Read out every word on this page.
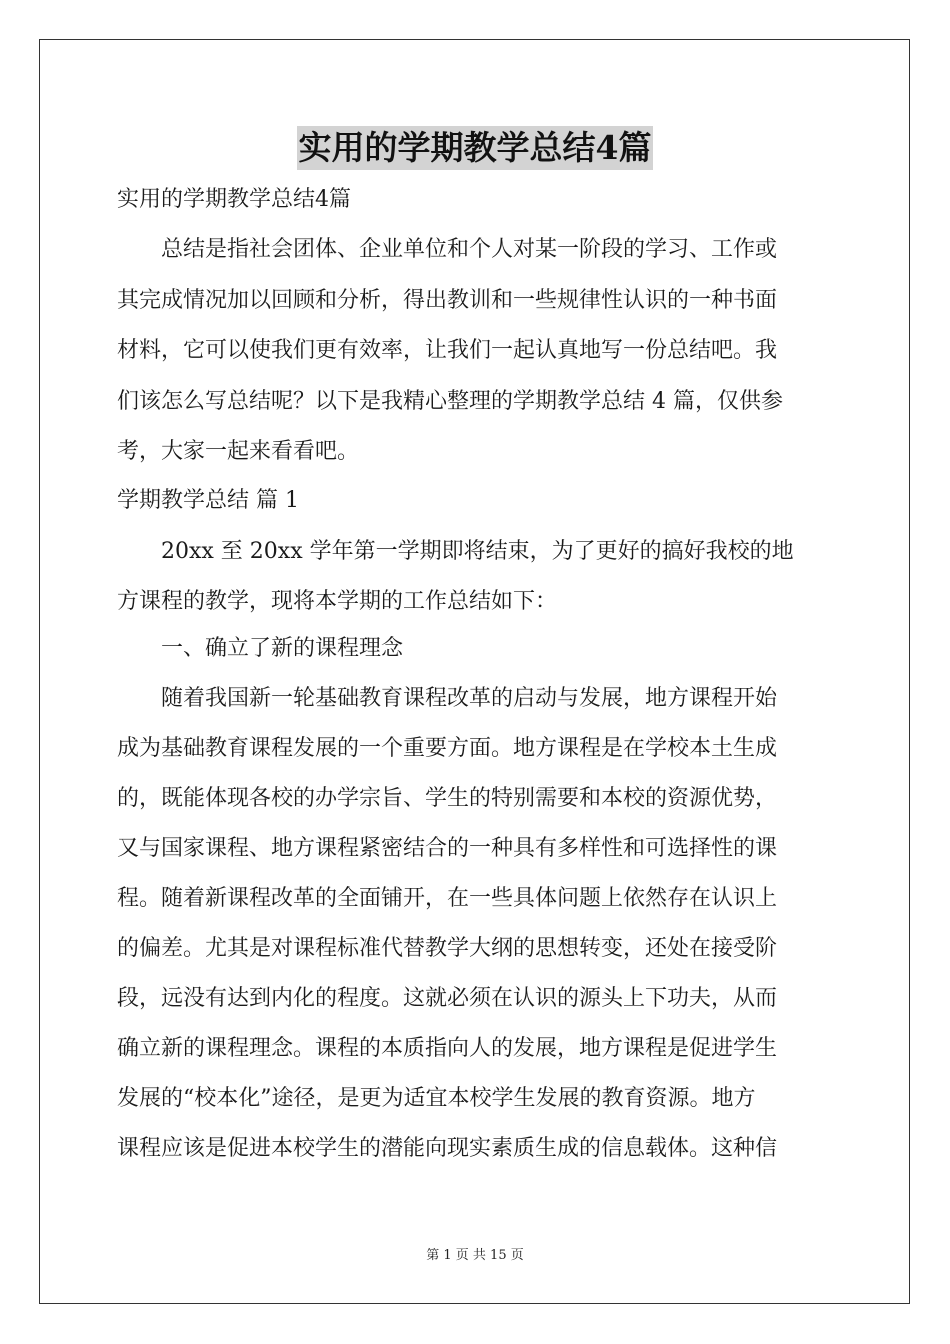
实用的学期教学总结4篇
实用的学期教学总结4篇
总结是指社会团体、企业单位和个人对某一阶段的学习、工作或
其完成情况加以回顾和分析，得出教训和一些规律性认识的一种书面
材料，它可以使我们更有效率，让我们一起认真地写一份总结吧。我
们该怎么写总结呢？以下是我精心整理的学期教学总结 4 篇，仅供参
考，大家一起来看看吧。
学期教学总结 篇 1
20xx 至 20xx 学年第一学期即将结束，为了更好的搞好我校的地
方课程的教学，现将本学期的工作总结如下：
一、确立了新的课程理念
随着我国新一轮基础教育课程改革的启动与发展，地方课程开始
成为基础教育课程发展的一个重要方面。地方课程是在学校本土生成
的，既能体现各校的办学宗旨、学生的特别需要和本校的资源优势，
又与国家课程、地方课程紧密结合的一种具有多样性和可选择性的课
程。随着新课程改革的全面铺开，在一些具体问题上依然存在认识上
的偏差。尤其是对课程标准代替教学大纲的思想转变，还处在接受阶
段，远没有达到内化的程度。这就必须在认识的源头上下功夫，从而
确立新的课程理念。课程的本质指向人的发展，地方课程是促进学生
发展的“校本化”途径，是更为适宜本校学生发展的教育资源。地方
课程应该是促进本校学生的潜能向现实素质生成的信息载体。这种信
第 1 页 共 15 页
